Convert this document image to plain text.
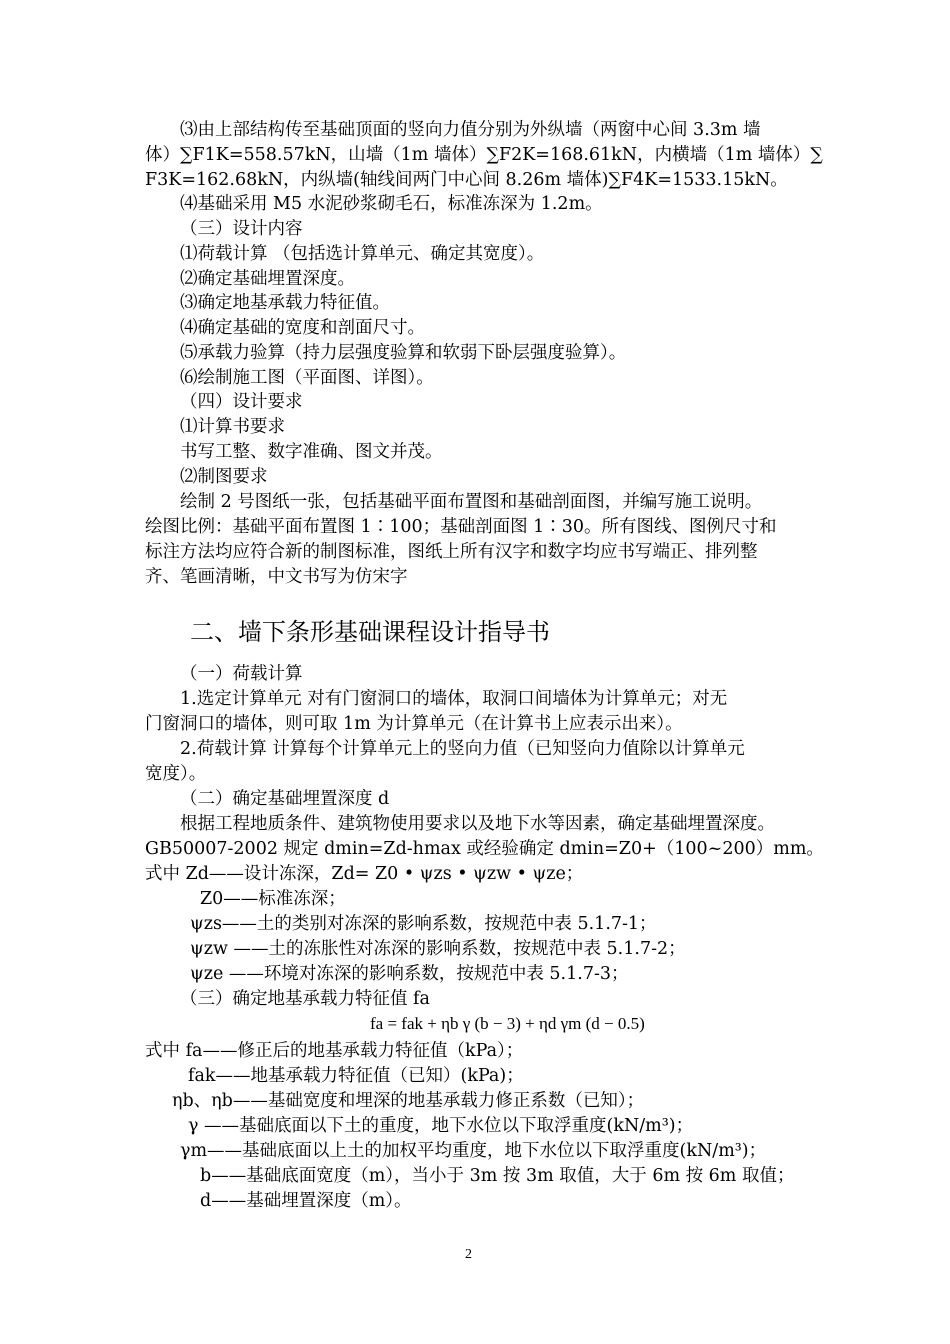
⑶由上部结构传至基础顶面的竖向力值分别为外纵墙（两窗中心间 3.3m 墙
体）∑F1K=558.57kN，山墙（1m 墙体）∑F2K=168.61kN，内横墙（1m 墙体）∑
F3K=162.68kN，内纵墙(轴线间两门中心间 8.26m 墙体)∑F4K=1533.15kN。
⑷基础采用 M5 水泥砂浆砌毛石，标准冻深为 1.2m。
（三）设计内容
⑴荷载计算 （包括选计算单元、确定其宽度）。
⑵确定基础埋置深度。
⑶确定地基承载力特征值。
⑷确定基础的宽度和剖面尺寸。
⑸承载力验算（持力层强度验算和软弱下卧层强度验算）。
⑹绘制施工图（平面图、详图）。
（四）设计要求
⑴计算书要求
书写工整、数字准确、图文并茂。
⑵制图要求
绘制 2 号图纸一张，包括基础平面布置图和基础剖面图，并编写施工说明。
绘图比例：基础平面布置图 1∶100；基础剖面图 1∶30。所有图线、图例尺寸和
标注方法均应符合新的制图标准，图纸上所有汉字和数字均应书写端正、排列整
齐、笔画清晰，中文书写为仿宋字
二、墙下条形基础课程设计指导书
（一）荷载计算
1.选定计算单元 对有门窗洞口的墙体，取洞口间墙体为计算单元；对无
门窗洞口的墙体，则可取 1m 为计算单元（在计算书上应表示出来）。
2.荷载计算 计算每个计算单元上的竖向力值（已知竖向力值除以计算单元
宽度）。
（二）确定基础埋置深度 d
根据工程地质条件、建筑物使用要求以及地下水等因素，确定基础埋置深度。
GB50007-2002 规定 dmin=Zd-hmax 或经验确定 dmin=Z0+（100~200）mm。
式中 Zd——设计冻深，Zd= Z0 • ψzs • ψzw • ψze；
Z0——标准冻深；
ψzs——土的类别对冻深的影响系数，按规范中表 5.1.7-1；
ψzw ——土的冻胀性对冻深的影响系数，按规范中表 5.1.7-2；
ψze ——环境对冻深的影响系数，按规范中表 5.1.7-3；
（三）确定地基承载力特征值 fa
fa = fak + ηb γ (b − 3) + ηd γm (d − 0.5)
式中 fa——修正后的地基承载力特征值（kPa）；
fak——地基承载力特征值（已知）(kPa)；
ηb、ηb——基础宽度和埋深的地基承载力修正系数（已知）；
γ ——基础底面以下土的重度，地下水位以下取浮重度(kN/m³)；
γm——基础底面以上土的加权平均重度，地下水位以下取浮重度(kN/m³)；
b——基础底面宽度（m），当小于 3m 按 3m 取值，大于 6m 按 6m 取值；
d——基础埋置深度（m）。
2
